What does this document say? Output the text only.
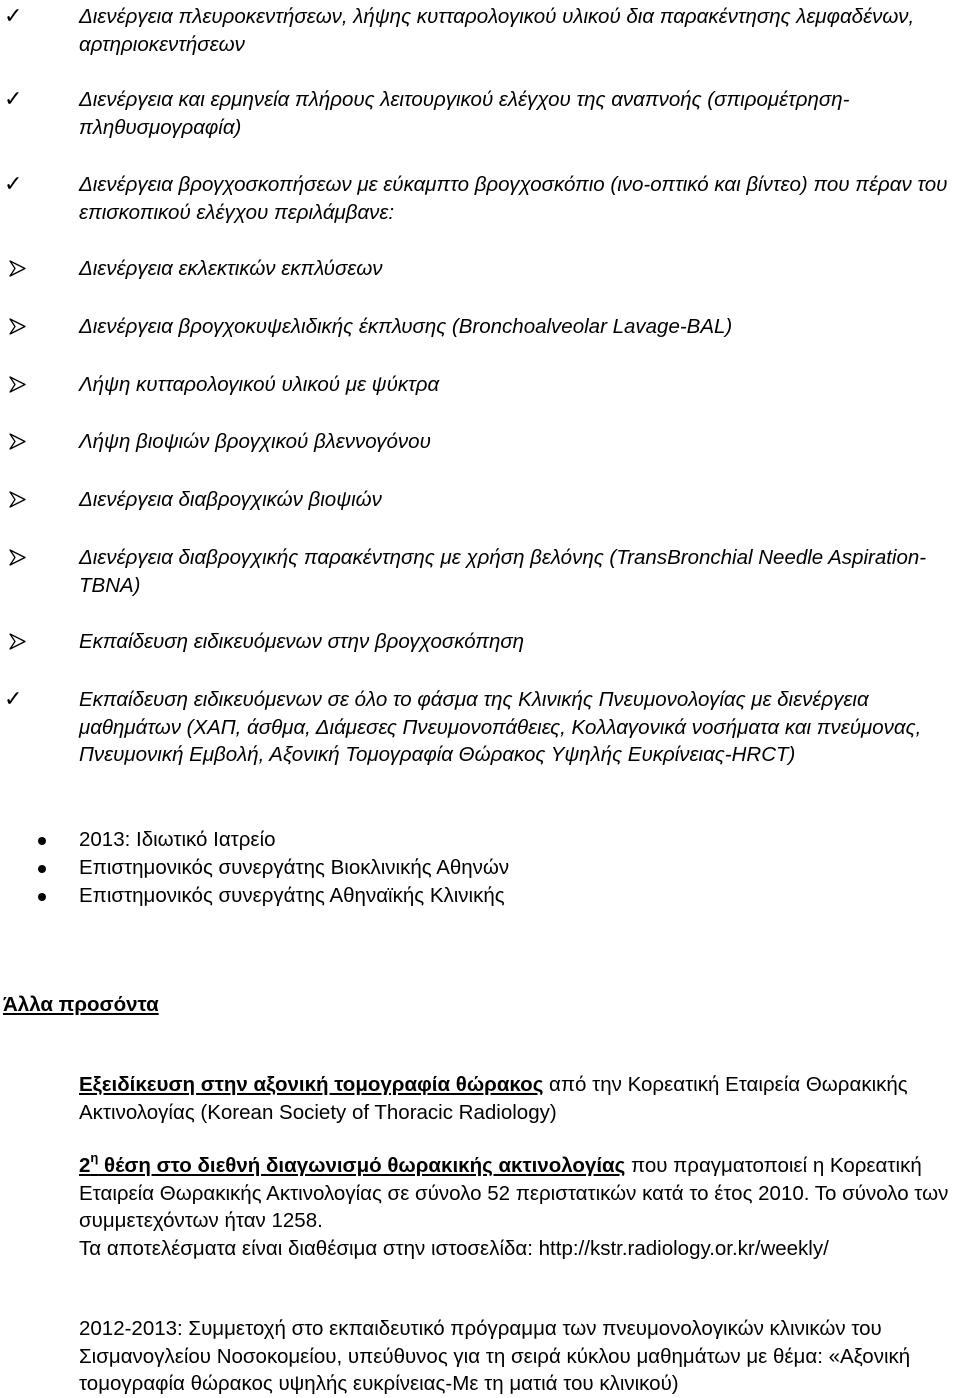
✓	Διενέργεια πλευροκεντήσεων, λήψης κυτταρολογικού υλικού δια παρακέντησης λεμφαδένων, αρτηριοκεντήσεων
✓	Διενέργεια και ερμηνεία πλήρους λειτουργικού ελέγχου της αναπνοής (σπιρομέτρηση-πληθυσμογραφία)
✓	Διενέργεια βρογχοσκοπήσεων με εύκαμπτο βρογχοσκόπιο (ινο-οπτικό και βίντεο) που πέραν του επισκοπικού ελέγχου περιλάμβανε:
Διενέργεια εκλεκτικών εκπλύσεων
Διενέργεια βρογχοκυψελιδικής έκπλυσης (Bronchoalveolar Lavage-BAL)
Λήψη κυτταρολογικού υλικού με ψύκτρα
Λήψη βιοψιών βρογχικού βλεννογόνου
Διενέργεια διαβρογχικών βιοψιών
Διενέργεια διαβρογχικής παρακέντησης με χρήση βελόνης (TransBronchial Needle Aspiration-TBNA)
Εκπαίδευση ειδικευόμενων στην βρογχοσκόπηση
✓	Εκπαίδευση ειδικευόμενων σε όλο το φάσμα της Κλινικής Πνευμονολογίας με διενέργεια μαθημάτων (ΧΑΠ, άσθμα, Διάμεσες Πνευμονοπάθειες, Κολλαγονικά νοσήματα και πνεύμονας, Πνευμονική Εμβολή, Αξονική Τομογραφία Θώρακος Υψηλής Ευκρίνειας-HRCT)
2013: Ιδιωτικό Ιατρείο
Επιστημονικός συνεργάτης Βιοκλινικής Αθηνών
Επιστημονικός συνεργάτης Αθηναϊκής Κλινικής
Άλλα προσόντα
Εξειδίκευση στην αξονική τομογραφία θώρακος από την Κορεατική Εταιρεία Θωρακικής Ακτινολογίας (Korean Society of Thoracic Radiology)
$2^\eta$ θέση στο διεθνή διαγωνισμό θωρακικής ακτινολογίας που πραγματοποιεί η Κορεατική Εταιρεία Θωρακικής Ακτινολογίας σε σύνολο 52 περιστατικών κατά το έτος 2010. Το σύνολο των συμμετεχόντων ήταν 1258.
Τα αποτελέσματα είναι διαθέσιμα στην ιστοσελίδα: http://kstr.radiology.or.kr/weekly/
2012-2013: Συμμετοχή στο εκπαιδευτικό πρόγραμμα των πνευμονολογικών κλινικών του Σισμανογλείου Νοσοκομείου, υπεύθυνος για τη σειρά κύκλου μαθημάτων με θέμα: «Αξονική τομογραφία θώρακος υψηλής ευκρίνειας-Με τη ματιά του κλινικού)
